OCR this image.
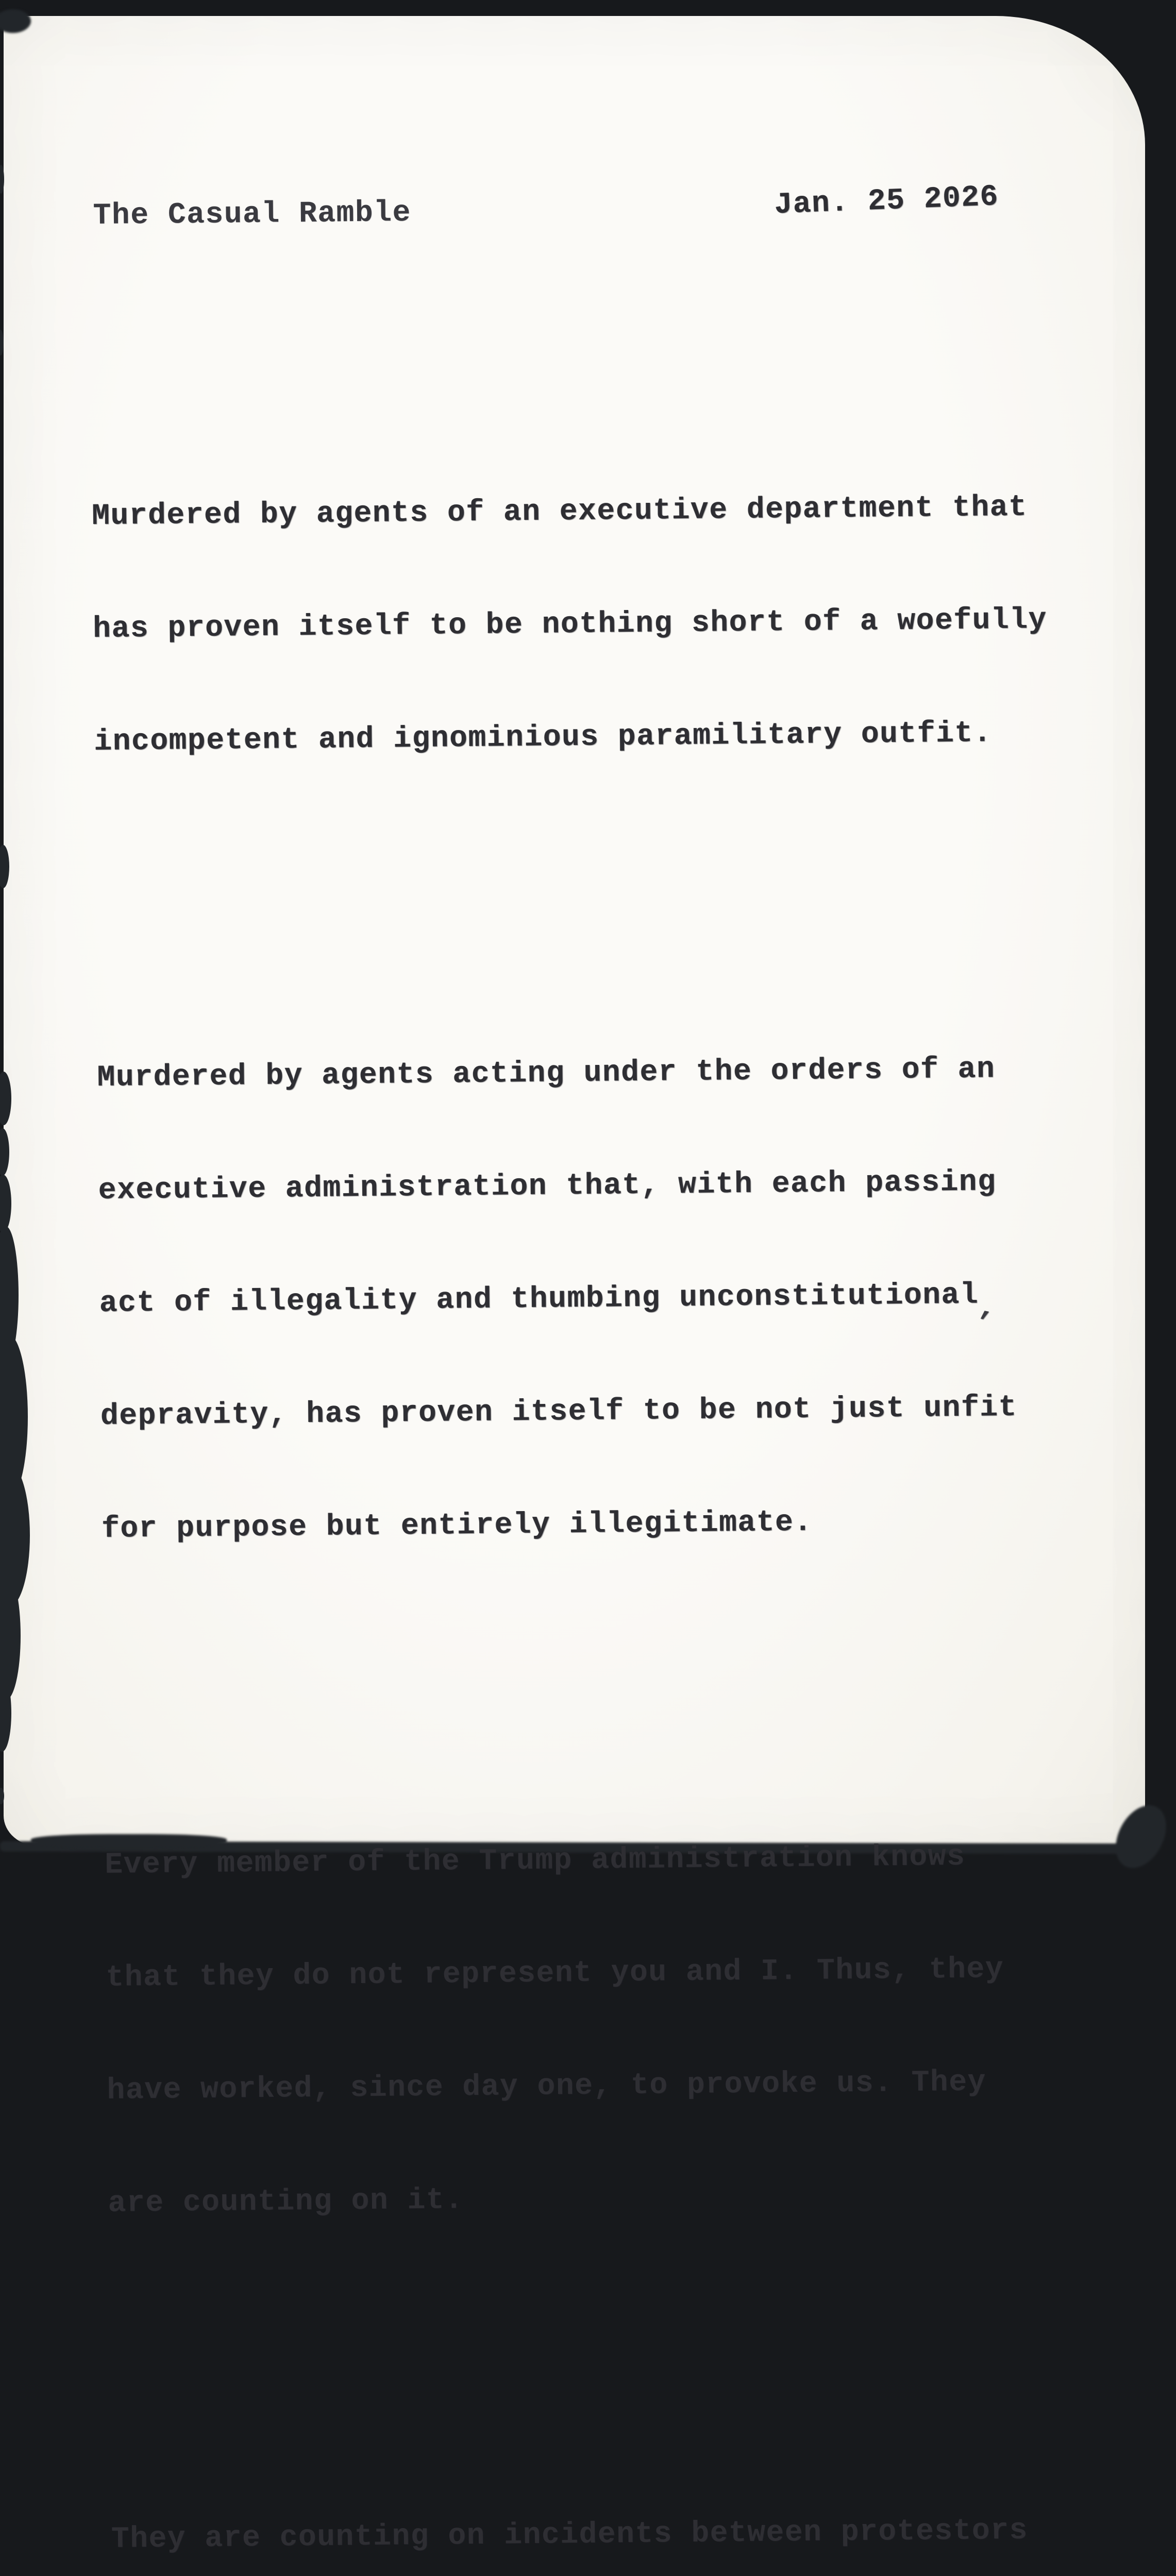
The Casual Ramble

	Jan. 25 2026

Murdered by agents of an executive department that

has proven itself to be nothing short of a woefully

incompetent and ignominious paramilitary outfit.

Murdered by agents acting under the orders of an

executive administration that, with each passing

act of illegality and thumbing unconstitutional

depravity, has proven itself to be not just unfit

for purpose but entirely illegitimate.

Every member of the Trump administration knows

that they do not represent you and I. Thus, they

have worked, since day one, to provoke us. They

are counting on it.

They are counting on incidents between protestors

’
